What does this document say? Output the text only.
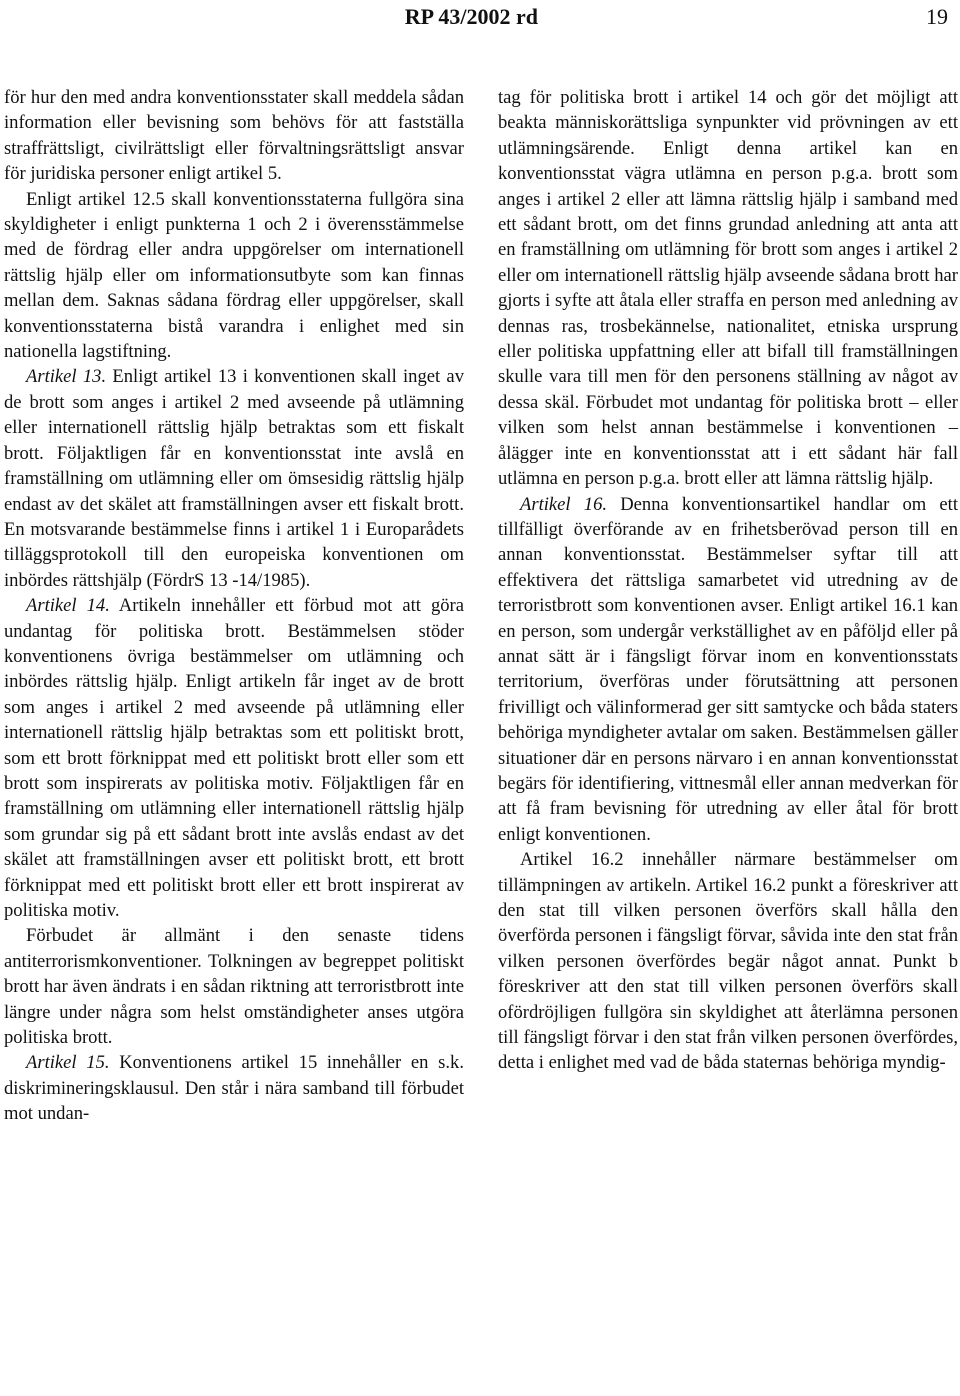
RP 43/2002 rd	19

för hur den med andra konventionsstater skall meddela sådan information eller bevisning som behövs för att fastställa straffrättsligt, civilrättsligt eller förvaltningsrättsligt ansvar för juridiska personer enligt artikel 5.

Enligt artikel 12.5 skall konventionsstaterna fullgöra sina skyldigheter i enligt punkterna 1 och 2 i överensstämmelse med de fördrag eller andra uppgörelser om internationell rättslig hjälp eller om informationsutbyte som kan finnas mellan dem. Saknas sådana fördrag eller uppgörelser, skall konventionsstaterna bistå varandra i enlighet med sin nationella lagstiftning.

Artikel 13. Enligt artikel 13 i konventionen skall inget av de brott som anges i artikel 2 med avseende på utlämning eller internationell rättslig hjälp betraktas som ett fiskalt brott. Följaktligen får en konventionsstat inte avslå en framställning om utlämning eller om ömsesidig rättslig hjälp endast av det skälet att framställningen avser ett fiskalt brott. En motsvarande bestämmelse finns i artikel 1 i Europarådets tilläggsprotokoll till den europeiska konventionen om inbördes rättshjälp (FördrS 13 -14/1985).

Artikel 14. Artikeln innehåller ett förbud mot att göra undantag för politiska brott. Bestämmelsen stöder konventionens övriga bestämmelser om utlämning och inbördes rättslig hjälp. Enligt artikeln får inget av de brott som anges i artikel 2 med avseende på utlämning eller internationell rättslig hjälp betraktas som ett politiskt brott, som ett brott förknippat med ett politiskt brott eller som ett brott som inspirerats av politiska motiv. Följaktligen får en framställning om utlämning eller internationell rättslig hjälp som grundar sig på ett sådant brott inte avslås endast av det skälet att framställningen avser ett politiskt brott, ett brott förknippat med ett politiskt brott eller ett brott inspirerat av politiska motiv.

Förbudet är allmänt i den senaste tidens antiterrorismkonventioner. Tolkningen av begreppet politiskt brott har även ändrats i en sådan riktning att terroristbrott inte längre under några som helst omständigheter anses utgöra politiska brott.

Artikel 15. Konventionens artikel 15 innehåller en s.k. diskrimineringsklausul. Den står i nära samband till förbudet mot undan-

tag för politiska brott i artikel 14 och gör det möjligt att beakta människorättsliga synpunkter vid prövningen av ett utlämningsärende. Enligt denna artikel kan en konventionsstat vägra utlämna en person p.g.a. brott som anges i artikel 2 eller att lämna rättslig hjälp i samband med ett sådant brott, om det finns grundad anledning att anta att en framställning om utlämning för brott som anges i artikel 2 eller om internationell rättslig hjälp avseende sådana brott har gjorts i syfte att åtala eller straffa en person med anledning av dennas ras, trosbekännelse, nationalitet, etniska ursprung eller politiska uppfattning eller att bifall till framställningen skulle vara till men för den personens ställning av något av dessa skäl. Förbudet mot undantag för politiska brott – eller vilken som helst annan bestämmelse i konventionen – ålägger inte en konventionsstat att i ett sådant här fall utlämna en person p.g.a. brott eller att lämna rättslig hjälp.

Artikel 16. Denna konventionsartikel handlar om ett tillfälligt överförande av en frihetsberövad person till en annan konventionsstat. Bestämmelser syftar till att effektivera det rättsliga samarbetet vid utredning av de terroristbrott som konventionen avser. Enligt artikel 16.1 kan en person, som undergår verkställighet av en påföljd eller på annat sätt är i fängsligt förvar inom en konventionsstats territorium, överföras under förutsättning att personen frivilligt och välinformerad ger sitt samtycke och båda staters behöriga myndigheter avtalar om saken. Bestämmelsen gäller situationer där en persons närvaro i en annan konventionsstat begärs för identifiering, vittnesmål eller annan medverkan för att få fram bevisning för utredning av eller åtal för brott enligt konventionen.

Artikel 16.2 innehåller närmare bestämmelser om tillämpningen av artikeln. Artikel 16.2 punkt a föreskriver att den stat till vilken personen överförs skall hålla den överförda personen i fängsligt förvar, såvida inte den stat från vilken personen överfördes begär något annat. Punkt b föreskriver att den stat till vilken personen överförs skall ofördröjligen fullgöra sin skyldighet att återlämna personen till fängsligt förvar i den stat från vilken personen överfördes, detta i enlighet med vad de båda staternas behöriga myndig-
